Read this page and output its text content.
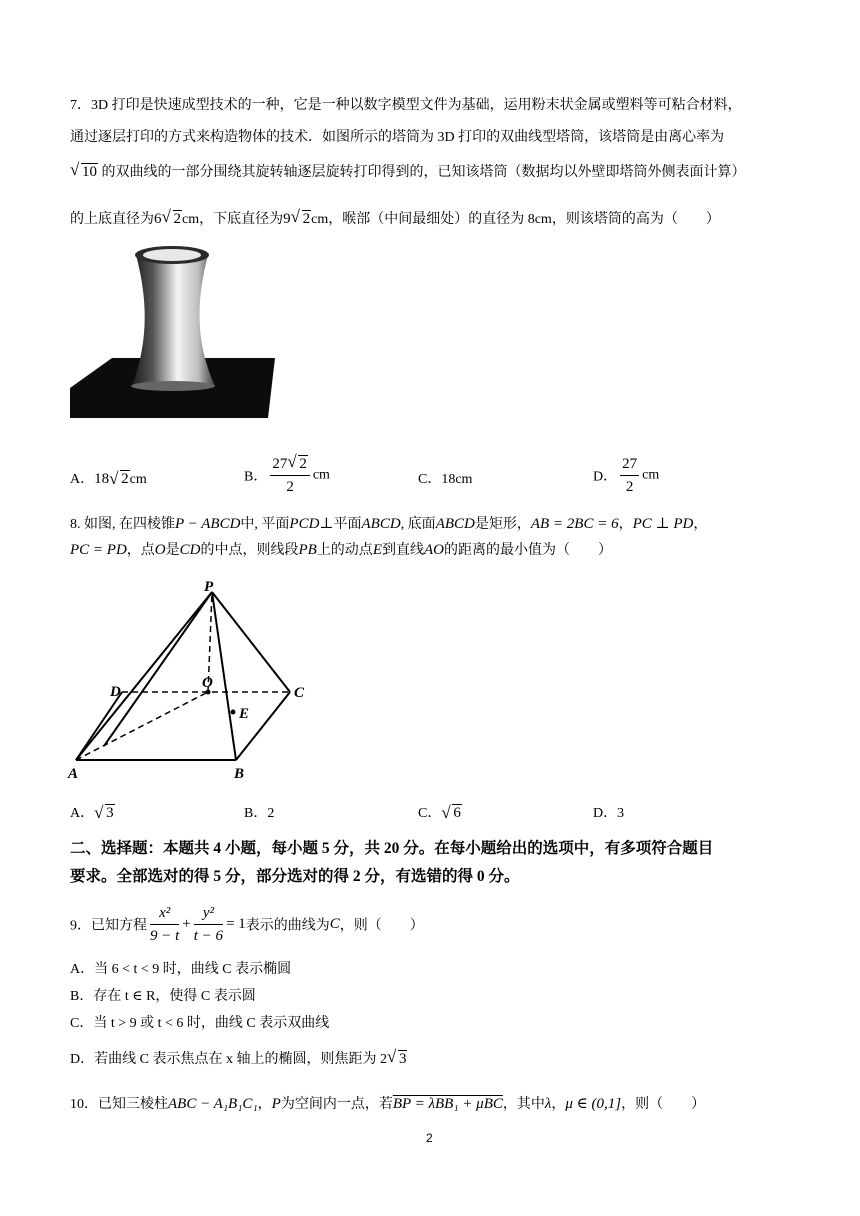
7．3D 打印是快速成型技术的一种，它是一种以数字模型文件为基础，运用粉末状金属或塑料等可粘合材料，
通过逐层打印的方式来构造物体的技术．如图所示的塔筒为 3D 打印的双曲线型塔筒，该塔筒是由离心率为
√ 10 的双曲线的一部分围绕其旋转轴逐层旋转打印得到的，已知该塔筒（数据均以外壁即塔筒外侧表面计算）
的上底直径为6 √ 2cm，下底直径为9 √ 2cm，喉部（中间最细处）的直径为 8cm，则该塔筒的高为（　　）
A．18 √ 2cm	B． $\frac{27 √ 2}{2}$ cm	C．18cm	D． $\frac{27}{2}$ cm
8. 如图, 在四棱锥P − ABCD中, 平面PCD⊥平面ABCD, 底面ABCD是矩形，AB = 2BC = 6，PC ⊥ PD，
PC = PD，点O是CD的中点，则线段PB上的动点E到直线AO的距离的最小值为（　　）
P
D
O
C
E
A	B
A． √ 3	B．2	C． √ 6	D．3
二、选择题：本题共 4 小题，每小题 5 分，共 20 分。在每小题给出的选项中，有多项符合题目
要求。全部选对的得 5 分，部分选对的得 2 分，有选错的得 0 分。
9．已知方程 $\frac{\text{x²}}{9 - t} + \frac{\text{y²}}{t - 6} = 1$表示的曲线为C，则（　　）
A．当 6 < t < 9 时，曲线 C 表示椭圆
B．存在 t ∈ R，使得 C 表示圆
C．当 t > 9 或 t < 6 时，曲线 C 表示双曲线
D．若曲线 C 表示焦点在 x 轴上的椭圆，则焦距为 2 √ 3
10．已知三棱柱ABC − A₁B₁C₁，P为空间内一点，若BP = λBB₁ + μBC，其中λ，μ ∈ (0,1]，则（　　）
2
